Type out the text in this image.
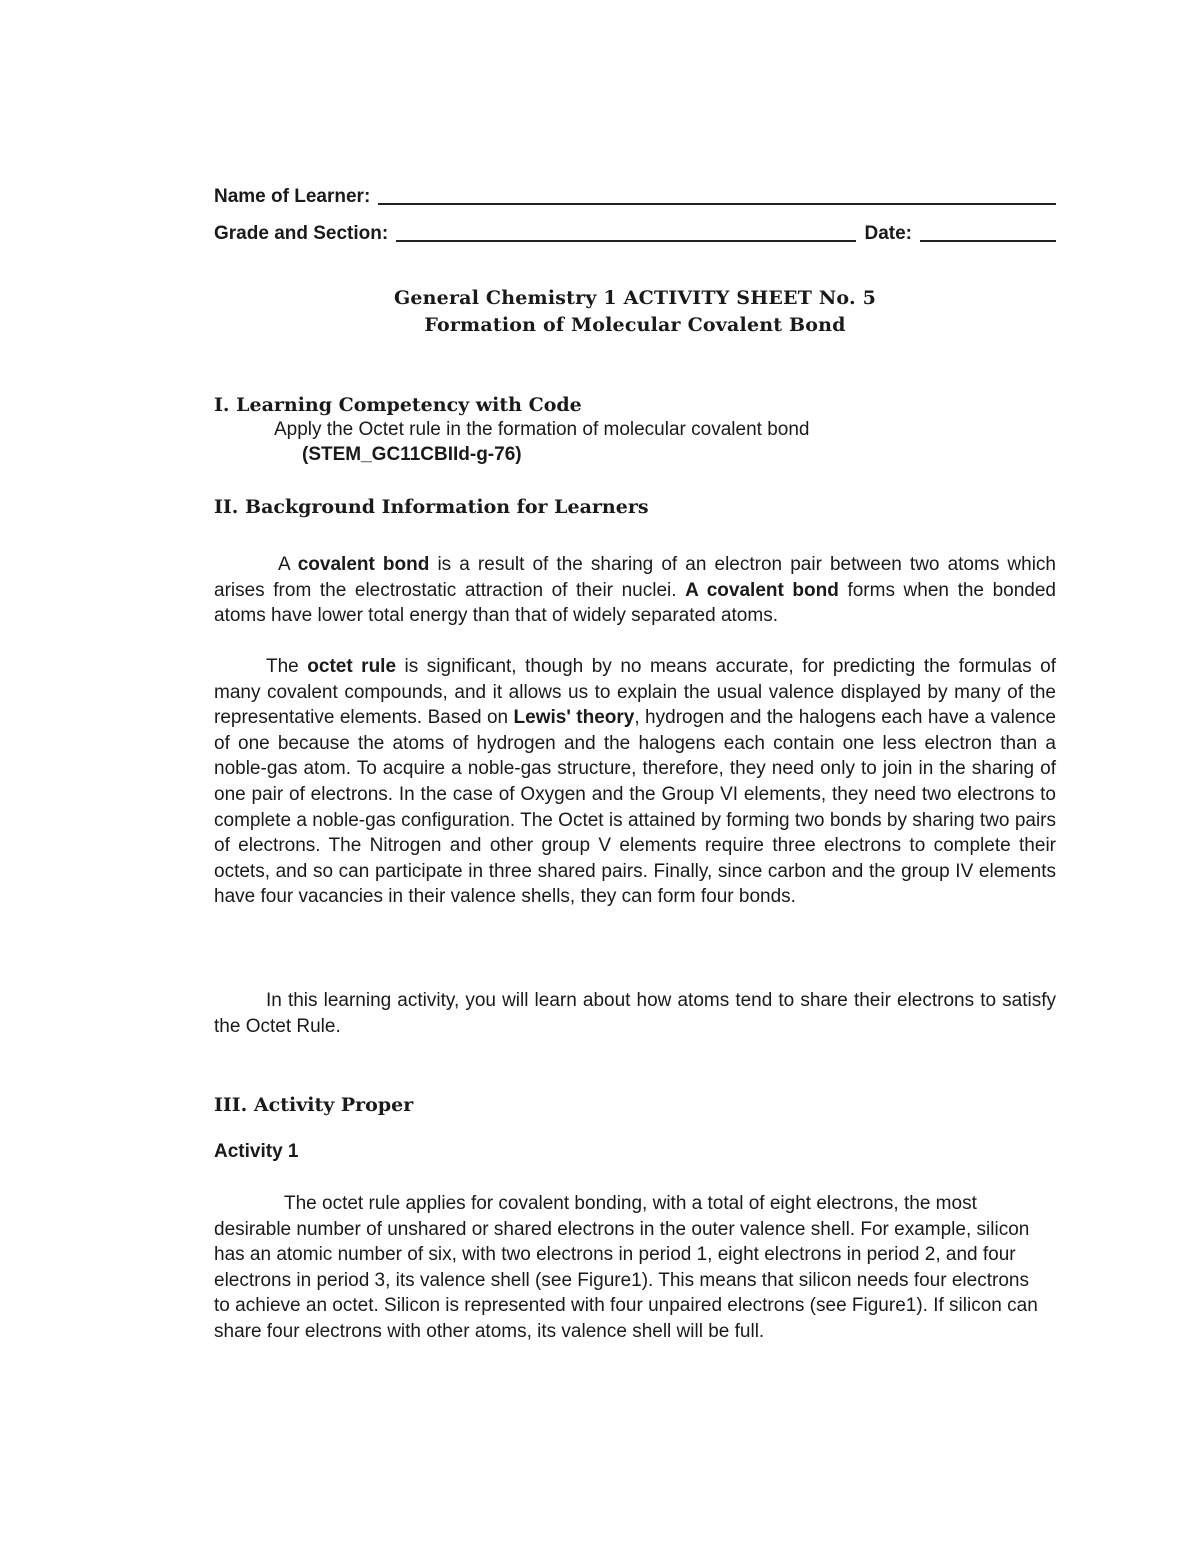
Name of Learner:
Grade and Section:	Date:
General Chemistry 1 ACTIVITY SHEET No. 5
Formation of Molecular Covalent Bond
I. Learning Competency with Code
Apply the Octet rule in the formation of molecular covalent bond
(STEM_GC11CBIId-g-76)
II. Background Information for Learners

A covalent bond is a result of the sharing of an electron pair between two atoms which arises from the electrostatic attraction of their nuclei. A covalent bond forms when the bonded atoms have lower total energy than that of widely separated atoms.

The octet rule is significant, though by no means accurate, for predicting the formulas of many covalent compounds, and it allows us to explain the usual valence displayed by many of the representative elements. Based on Lewis' theory, hydrogen and the halogens each have a valence of one because the atoms of hydrogen and the halogens each contain one less electron than a noble-gas atom. To acquire a noble-gas structure, therefore, they need only to join in the sharing of one pair of electrons. In the case of Oxygen and the Group VI elements, they need two electrons to complete a noble-gas configuration. The Octet is attained by forming two bonds by sharing two pairs of electrons. The Nitrogen and other group V elements require three electrons to complete their octets, and so can participate in three shared pairs. Finally, since carbon and the group IV elements have four vacancies in their valence shells, they can form four bonds.

In this learning activity, you will learn about how atoms tend to share their electrons to satisfy the Octet Rule.

III. Activity Proper
Activity 1

The octet rule applies for covalent bonding, with a total of eight electrons, the most desirable number of unshared or shared electrons in the outer valence shell. For example, silicon has an atomic number of six, with two electrons in period 1, eight electrons in period 2, and four electrons in period 3, its valence shell (see Figure1). This means that silicon needs four electrons to achieve an octet. Silicon is represented with four unpaired electrons (see Figure1). If silicon can share four electrons with other atoms, its valence shell will be full.
